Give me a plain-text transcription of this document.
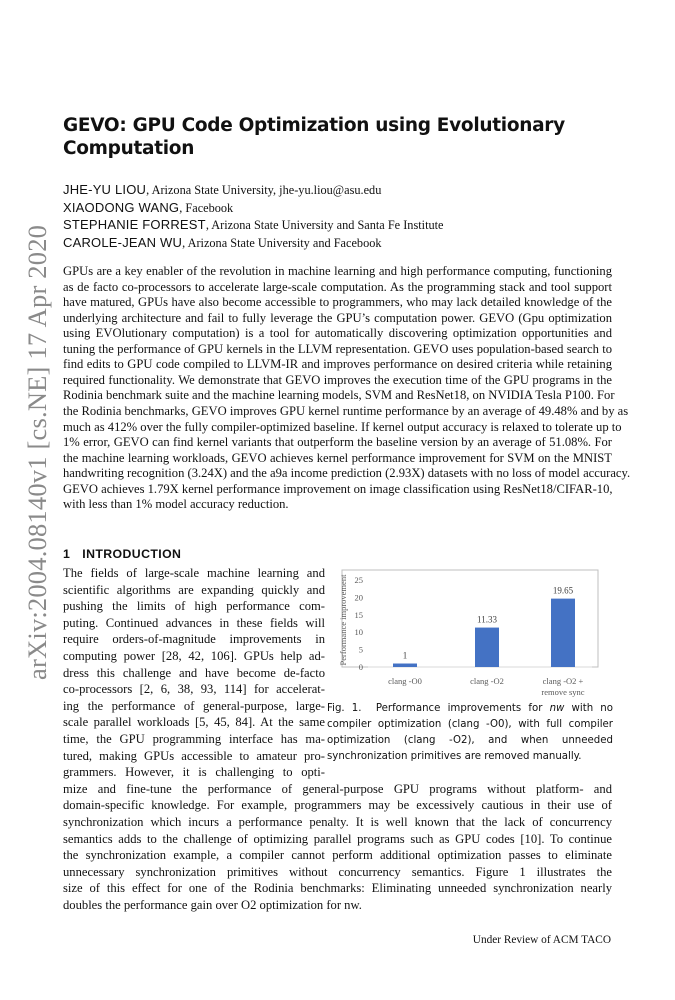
arXiv:2004.08140v1 [cs.NE] 17 Apr 2020
GEVO: GPU Code Optimization using Evolutionary Computation
JHE-YU LIOU, Arizona State University, jhe-yu.liou@asu.edu
XIAODONG WANG, Facebook
STEPHANIE FORREST, Arizona State University and Santa Fe Institute
CAROLE-JEAN WU, Arizona State University and Facebook
GPUs are a key enabler of the revolution in machine learning and high performance computing, functioning
as de facto co-processors to accelerate large-scale computation. As the programming stack and tool support
have matured, GPUs have also become accessible to programmers, who may lack detailed knowledge of the
underlying architecture and fail to fully leverage the GPU’s computation power. GEVO (Gpu optimization
using EVOlutionary computation) is a tool for automatically discovering optimization opportunities and
tuning the performance of GPU kernels in the LLVM representation. GEVO uses population-based search to
find edits to GPU code compiled to LLVM-IR and improves performance on desired criteria while retaining
required functionality. We demonstrate that GEVO improves the execution time of the GPU programs in the
Rodinia benchmark suite and the machine learning models, SVM and ResNet18, on NVIDIA Tesla P100. For
the Rodinia benchmarks, GEVO improves GPU kernel runtime performance by an average of 49.48% and by as
much as 412% over the fully compiler-optimized baseline. If kernel output accuracy is relaxed to tolerate up to
1% error, GEVO can find kernel variants that outperform the baseline version by an average of 51.08%. For
the machine learning workloads, GEVO achieves kernel performance improvement for SVM on the MNIST
handwriting recognition (3.24X) and the a9a income prediction (2.93X) datasets with no loss of model accuracy.
GEVO achieves 1.79X kernel performance improvement on image classification using ResNet18/CIFAR-10,
with less than 1% model accuracy reduction.
1 INTRODUCTION
The fields of large-scale machine learning and
scientific algorithms are expanding quickly and
pushing the limits of high performance com-
puting. Continued advances in these fields will
require orders-of-magnitude improvements in
computing power [28, 42, 106]. GPUs help ad-
dress this challenge and have become de-facto
co-processors [2, 6, 38, 93, 114] for accelerat-
ing the performance of general-purpose, large-
scale parallel workloads [5, 45, 84]. At the same
time, the GPU programming interface has ma-
tured, making GPUs accessible to amateur pro-
grammers. However, it is challenging to opti-
mize and fine-tune the performance of general-purpose GPU programs without platform- and
domain-specific knowledge. For example, programmers may be excessively cautious in their use of
synchronization which incurs a performance penalty. It is well known that the lack of concurrency
semantics adds to the challenge of optimizing parallel programs such as GPU codes [10]. To continue
the synchronization example, a compiler cannot perform additional optimization passes to eliminate
unnecessary synchronization primitives without concurrency semantics. Figure 1 illustrates the
size of this effect for one of the Rodinia benchmarks: Eliminating unneeded synchronization nearly
doubles the performance gain over O2 optimization for nw.
Performance improvement
0
5
10
15
20
25
1
clang -O0
11.33
clang -O2
19.65
clang -O2 +
remove sync
Fig. 1. Performance improvements for nw with no compiler optimization (clang -O0), with full compiler optimization (clang -O2), and when unneeded synchronization primitives are removed manually.
Under Review of ACM TACO
